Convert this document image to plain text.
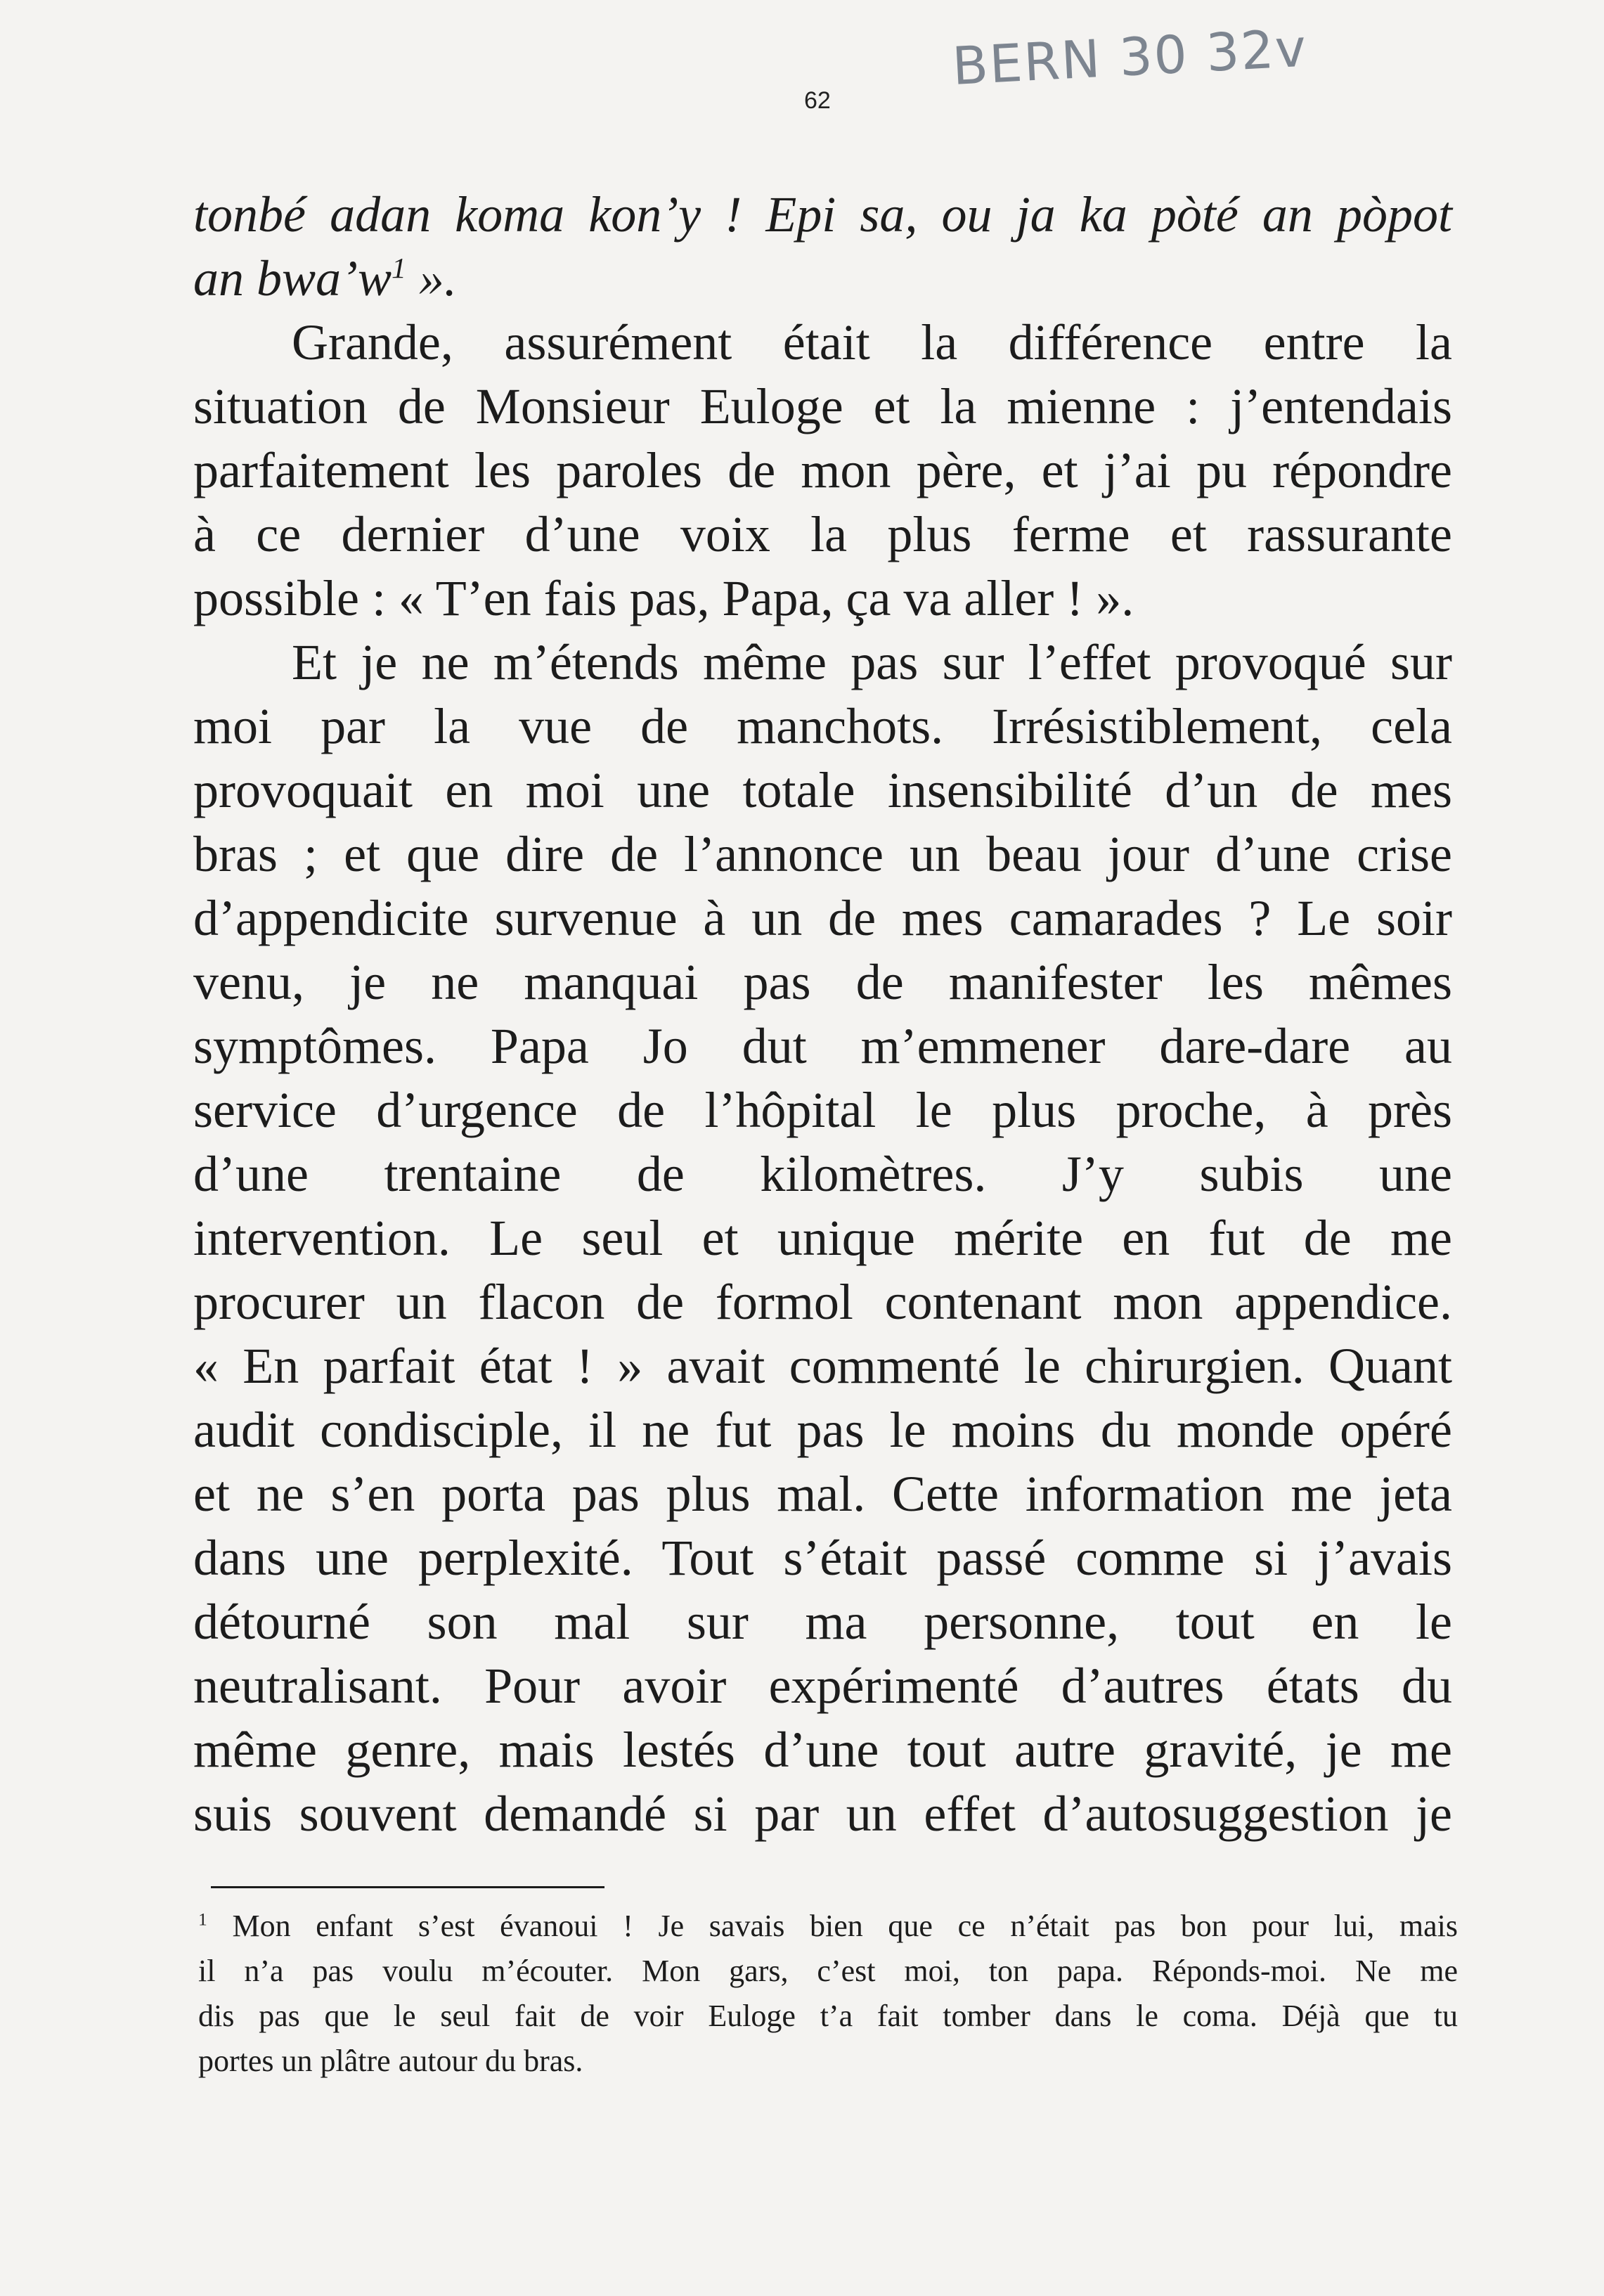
62
BERN 30 32v
tonbé adan koma kon’y ! Epi sa, ou ja ka pòté an pòpot
an bwa’w$^1$ ».
Grande, assurément était la différence entre la
situation de Monsieur Euloge et la mienne : j’entendais
parfaitement les paroles de mon père, et j’ai pu répondre
à ce dernier d’une voix la plus ferme et rassurante
possible : « T’en fais pas, Papa, ça va aller ! ».
Et je ne m’étends même pas sur l’effet provoqué sur
moi par la vue de manchots. Irrésistiblement, cela
provoquait en moi une totale insensibilité d’un de mes
bras ; et que dire de l’annonce un beau jour d’une crise
d’appendicite survenue à un de mes camarades ? Le soir
venu, je ne manquai pas de manifester les mêmes
symptômes. Papa Jo dut m’emmener dare-dare au
service d’urgence de l’hôpital le plus proche, à près
d’une trentaine de kilomètres. J’y subis une
intervention. Le seul et unique mérite en fut de me
procurer un flacon de formol contenant mon appendice.
« En parfait état ! » avait commenté le chirurgien. Quant
audit condisciple, il ne fut pas le moins du monde opéré
et ne s’en porta pas plus mal. Cette information me jeta
dans une perplexité. Tout s’était passé comme si j’avais
détourné son mal sur ma personne, tout en le
neutralisant. Pour avoir expérimenté d’autres états du
même genre, mais lestés d’une tout autre gravité, je me
suis souvent demandé si par un effet d’autosuggestion je
$^1$ Mon enfant s’est évanoui ! Je savais bien que ce n’était pas bon pour lui, mais
il n’a pas voulu m’écouter. Mon gars, c’est moi, ton papa. Réponds-moi. Ne me
dis pas que le seul fait de voir Euloge t’a fait tomber dans le coma. Déjà que tu
portes un plâtre autour du bras.
